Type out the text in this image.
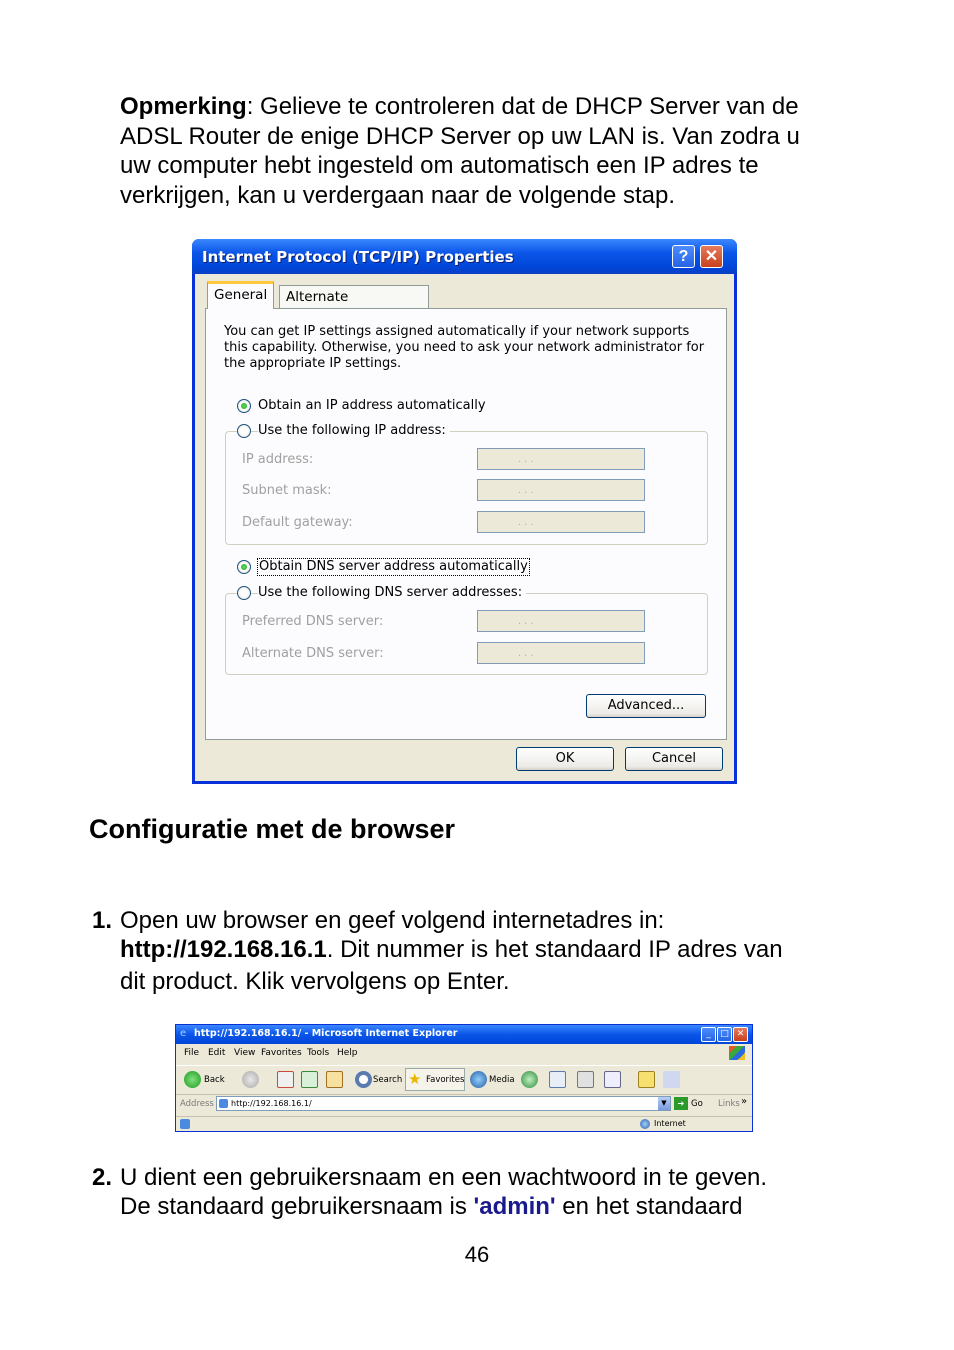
Opmerking: Gelieve te controleren dat de DHCP Server van de
ADSL Router de enige DHCP Server op uw LAN is. Van zodra u
uw computer hebt ingesteld om automatisch een IP adres te
verkrijgen, kan u verdergaan naar de volgende stap.
Internet Protocol (TCP/IP) Properties	?	✕
General	Alternate
You can get IP settings assigned automatically if your network supports
this capability. Otherwise, you need to ask your network administrator for
the appropriate IP settings.
Obtain an IP address automatically
Use the following IP address:
IP address:	. . .
Subnet mask:	. . .
Default gateway:	. . .
Obtain DNS server address automatically
Use the following DNS server addresses:
Preferred DNS server:	. . .
Alternate DNS server:	. . .
Advanced...
OK	Cancel
Configuratie met de browser
1. Open uw browser en geef volgend internetadres in:
http://192.168.16.1. Dit nummer is het standaard IP adres van
dit product. Klik vervolgens op Enter.
e http://192.168.16.1/ - Microsoft Internet Explorer	_	□ ✕
File Edit View Favorites Tools Help
Back	Search ★ Favorites	Media
Address http://192.168.16.1/	▼	➔ Go Links »
Internet
2. U dient een gebruikersnaam en een wachtwoord in te geven.
De standaard gebruikersnaam is 'admin' en het standaard
46
